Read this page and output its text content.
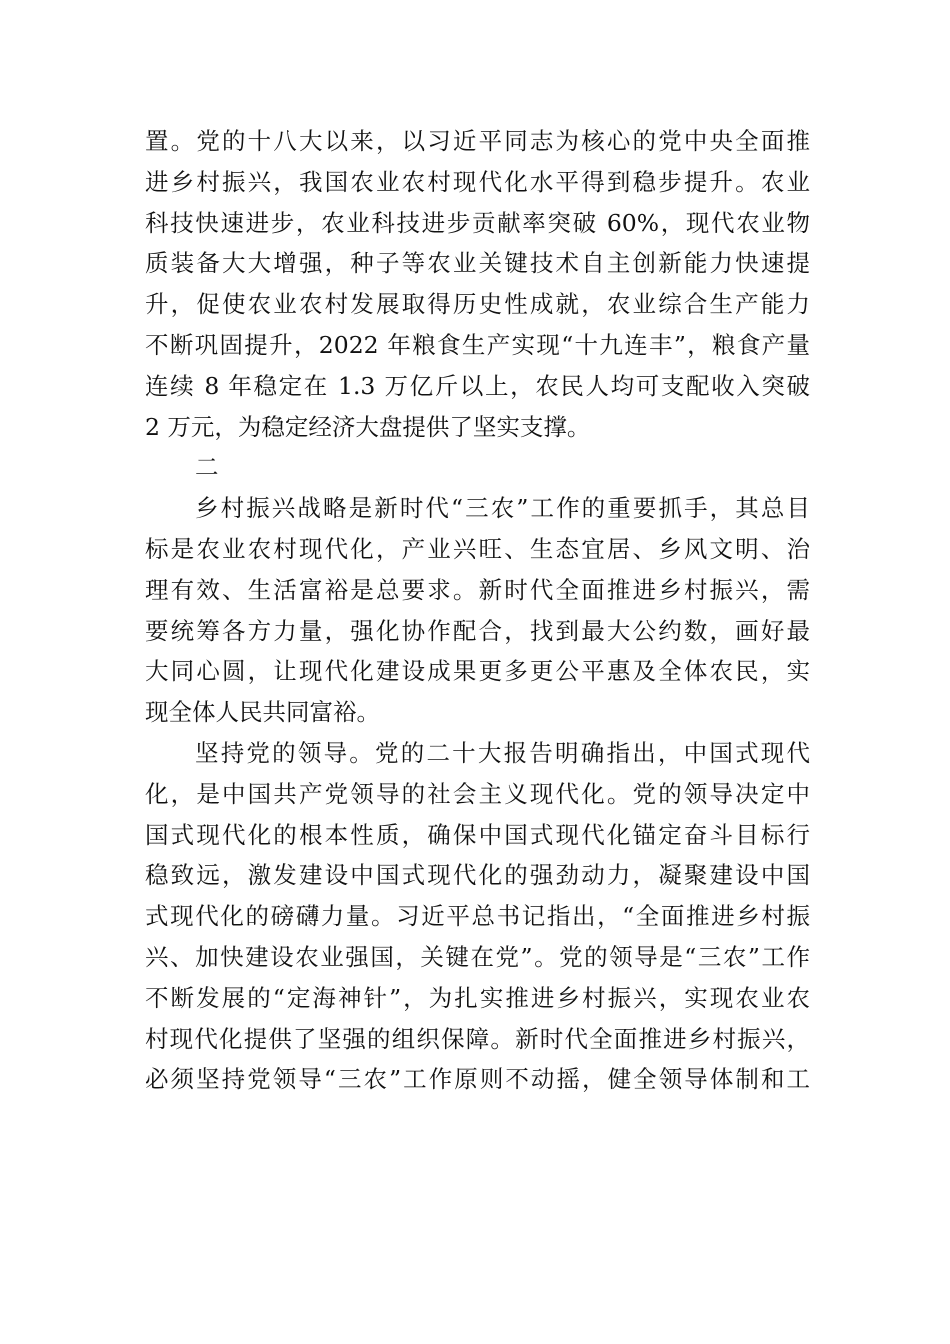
置。党的十八大以来，以习近平同志为核心的党中央全面推
进乡村振兴，我国农业农村现代化水平得到稳步提升。农业
科技快速进步，农业科技进步贡献率突破 60%，现代农业物
质装备大大增强，种子等农业关键技术自主创新能力快速提
升，促使农业农村发展取得历史性成就，农业综合生产能力
不断巩固提升，2022 年粮食生产实现“十九连丰”，粮食产量
连续 8 年稳定在 1.3 万亿斤以上，农民人均可支配收入突破
2 万元，为稳定经济大盘提供了坚实支撑。
二
乡村振兴战略是新时代“三农”工作的重要抓手，其总目
标是农业农村现代化，产业兴旺、生态宜居、乡风文明、治
理有效、生活富裕是总要求。新时代全面推进乡村振兴，需
要统筹各方力量，强化协作配合，找到最大公约数，画好最
大同心圆，让现代化建设成果更多更公平惠及全体农民，实
现全体人民共同富裕。
坚持党的领导。党的二十大报告明确指出，中国式现代
化，是中国共产党领导的社会主义现代化。党的领导决定中
国式现代化的根本性质，确保中国式现代化锚定奋斗目标行
稳致远，激发建设中国式现代化的强劲动力，凝聚建设中国
式现代化的磅礴力量。习近平总书记指出，“全面推进乡村振
兴、加快建设农业强国，关键在党”。党的领导是“三农”工作
不断发展的“定海神针”，为扎实推进乡村振兴，实现农业农
村现代化提供了坚强的组织保障。新时代全面推进乡村振兴，
必须坚持党领导“三农”工作原则不动摇，健全领导体制和工
